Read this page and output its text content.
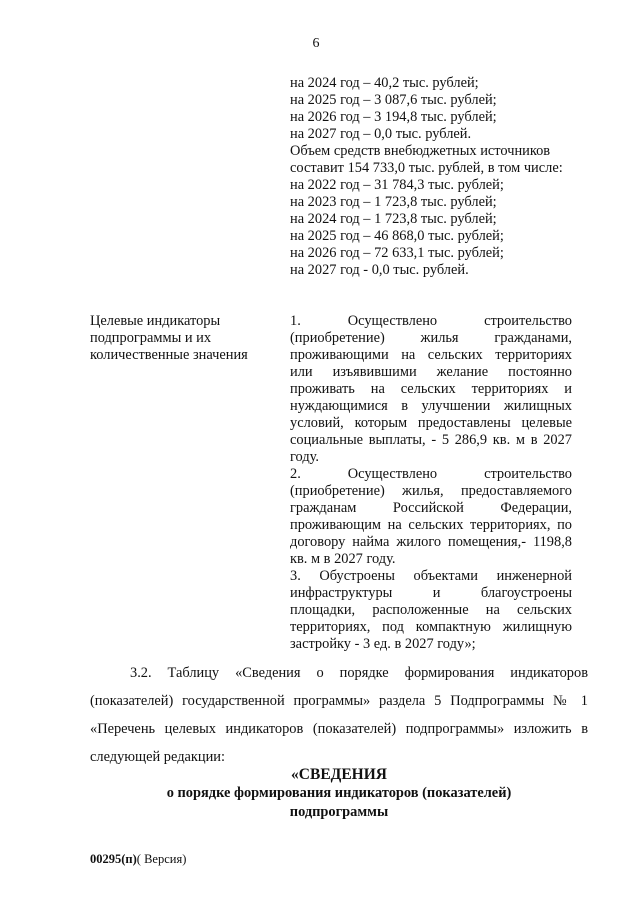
6
на 2024 год – 40,2 тыс. рублей;
на 2025 год – 3 087,6 тыс. рублей;
на 2026 год – 3 194,8 тыс. рублей;
на 2027 год – 0,0 тыс. рублей.
Объем средств внебюджетных источников
составит 154 733,0 тыс. рублей, в том числе:
на 2022 год – 31 784,3 тыс. рублей;
на 2023 год – 1 723,8 тыс. рублей;
на 2024 год – 1 723,8 тыс. рублей;
на 2025 год – 46 868,0 тыс. рублей;
на 2026 год – 72 633,1 тыс. рублей;
на 2027 год - 0,0 тыс. рублей.
Целевые индикаторы
подпрограммы и их
количественные значения
1. Осуществлено строительство
(приобретение) жилья гражданами,
проживающими на сельских территориях
или изъявившими желание постоянно
проживать на сельских территориях и
нуждающимися в улучшении жилищных
условий, которым предоставлены целевые
социальные выплаты, - 5 286,9 кв. м в 2027
году.
2. Осуществлено строительство
(приобретение) жилья, предоставляемого
гражданам Российской Федерации,
проживающим на сельских территориях, по
договору найма жилого помещения,- 1198,8
кв. м в 2027 году.
3. Обустроены объектами инженерной
инфраструктуры и благоустроены
площадки, расположенные на сельских
территориях, под компактную жилищную
застройку - 3 ед. в 2027 году»;
3.2. Таблицу «Сведения о порядке формирования индикаторов
(показателей) государственной программы» раздела 5 Подпрограммы № 1
«Перечень целевых индикаторов (показателей) подпрограммы» изложить в
следующей редакции:
«СВЕДЕНИЯ
о порядке формирования индикаторов (показателей)
подпрограммы
00295(п)( Версия)
